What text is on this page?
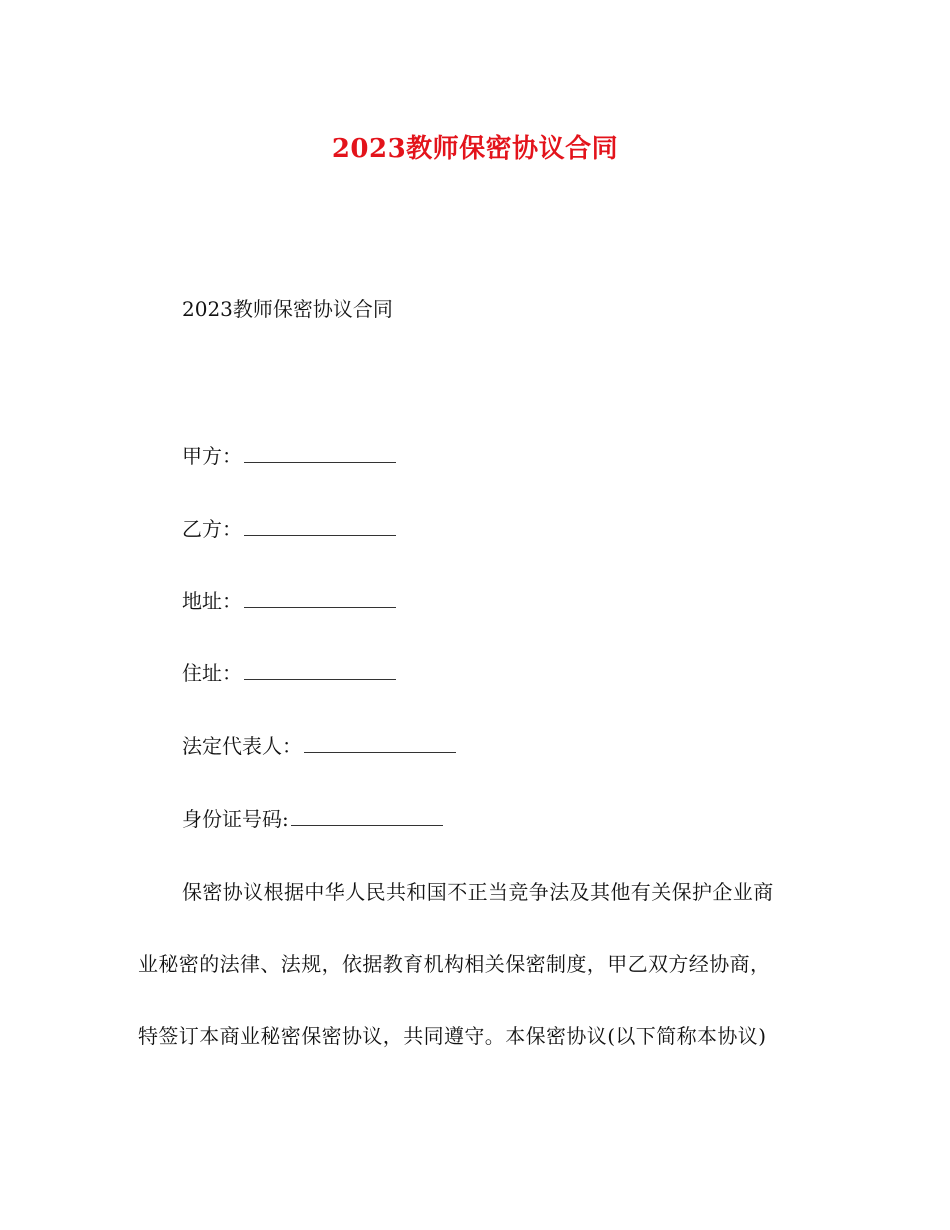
2023教师保密协议合同
2023教师保密协议合同
甲方：
乙方：
地址：
住址：
法定代表人：
身份证号码:
保密协议根据中华人民共和国不正当竞争法及其他有关保护企业商
业秘密的法律、法规，依据教育机构相关保密制度，甲乙双方经协商，
特签订本商业秘密保密协议，共同遵守。本保密协议(以下简称本协议)
